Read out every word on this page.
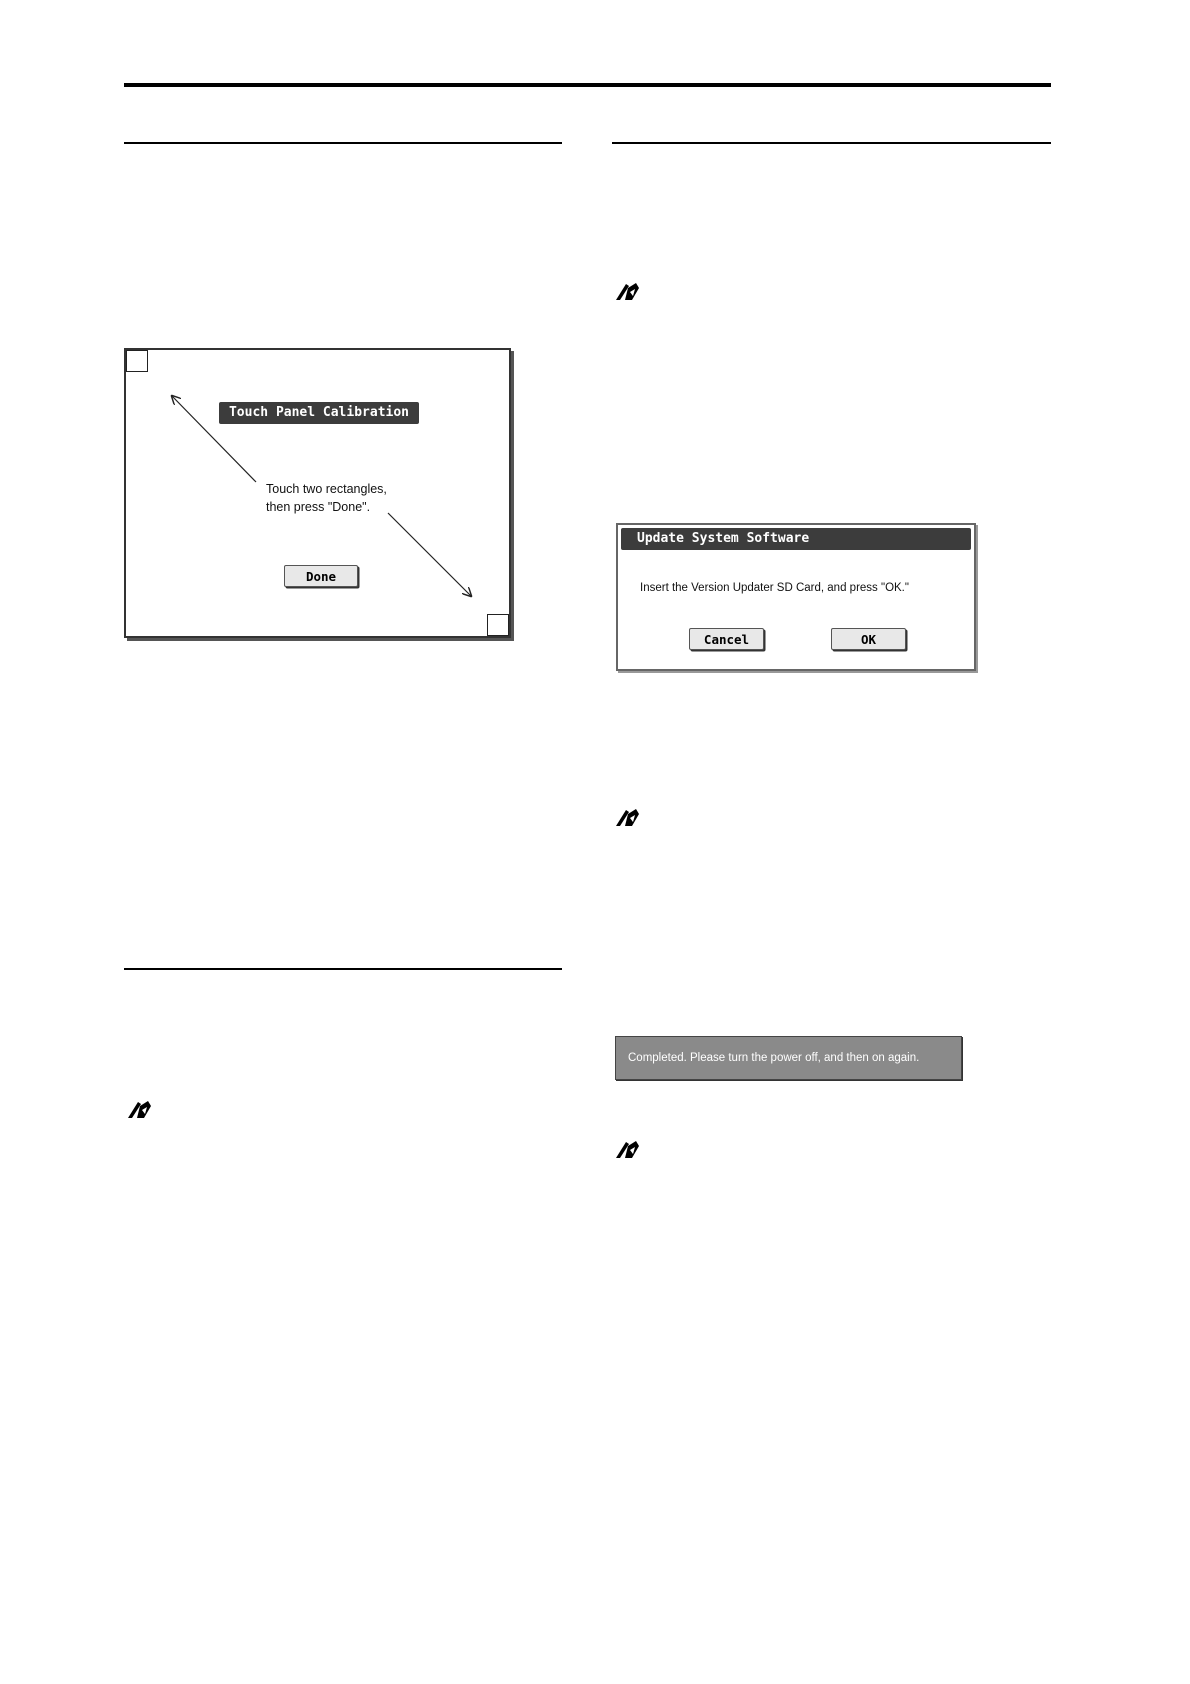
Touch Panel Calibration
Touch two rectangles,
then press "Done".
Done
Update System Software
Insert the Version Updater SD Card, and press "OK."
Cancel	OK
Completed. Please turn the power off, and then on again.
